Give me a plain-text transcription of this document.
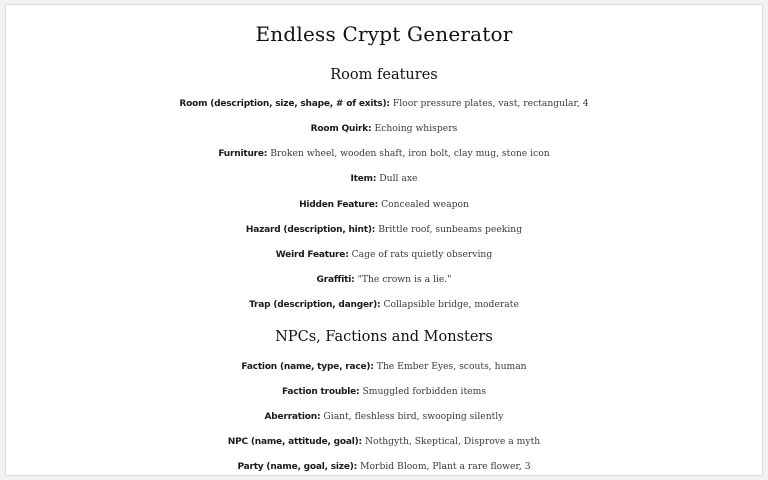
Endless Crypt Generator
Room features
Room (description, size, shape, # of exits): Floor pressure plates, vast, rectangular, 4
Room Quirk: Echoing whispers
Furniture: Broken wheel, wooden shaft, iron bolt, clay mug, stone icon
Item: Dull axe
Hidden Feature: Concealed weapon
Hazard (description, hint): Brittle roof, sunbeams peeking
Weird Feature: Cage of rats quietly observing
Graffiti: "The crown is a lie."
Trap (description, danger): Collapsible bridge, moderate
NPCs, Factions and Monsters
Faction (name, type, race): The Ember Eyes, scouts, human
Faction trouble: Smuggled forbidden items
Aberration: Giant, fleshless bird, swooping silently
NPC (name, attitude, goal): Nothgyth, Skeptical, Disprove a myth
Party (name, goal, size): Morbid Bloom, Plant a rare flower, 3
